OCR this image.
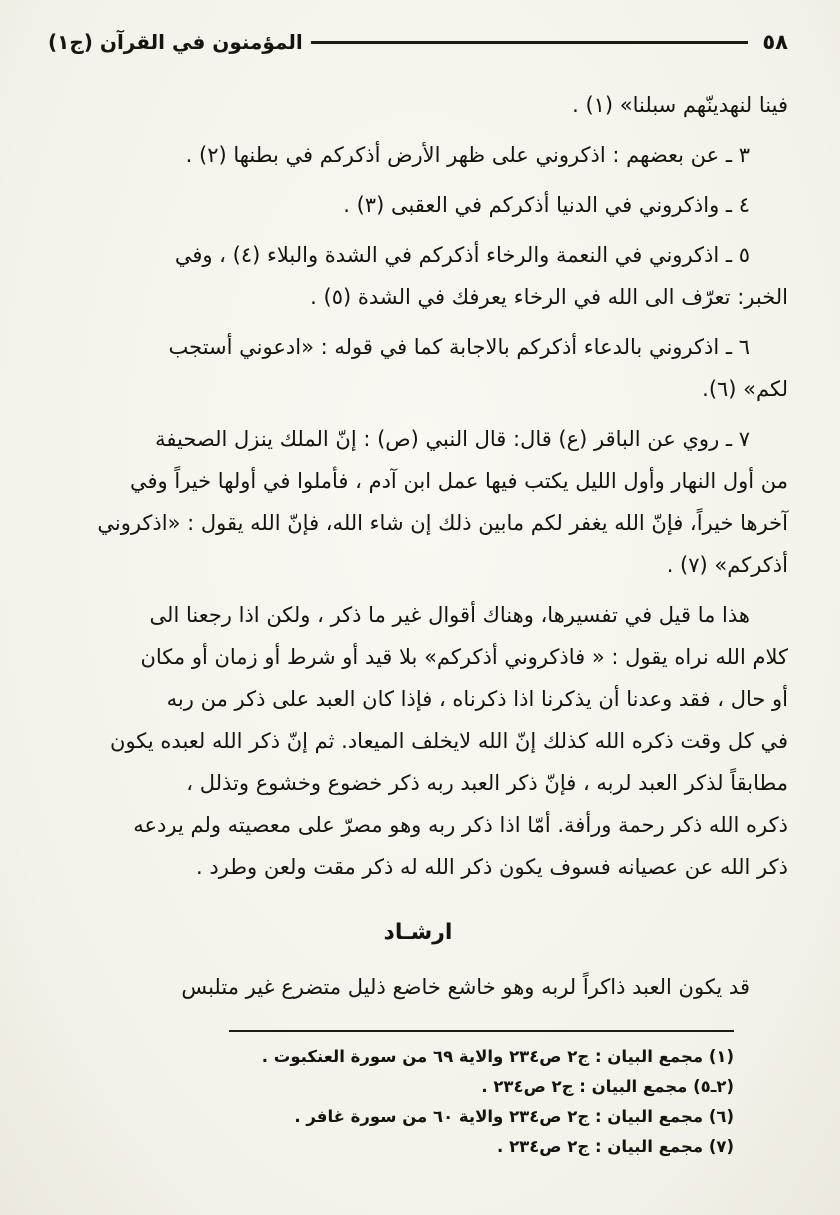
٥٨
المؤمنون في القرآن (ج١)
فينا لنهدينّهم سبلنا» (١) .
٣ ـ عن بعضهم : اذكروني على ظهر الأرض أذكركم في بطنها (٢) .
٤ ـ واذكروني في الدنيا أذكركم في العقبى (٣) .
٥ ـ اذكروني في النعمة والرخاء أذكركم في الشدة والبلاء (٤) ، وفي
الخبر: تعرّف الى الله في الرخاء يعرفك في الشدة (٥) .
٦ ـ اذكروني بالدعاء أذكركم بالاجابة كما في قوله : «ادعوني أستجب
لكم» (٦).
٧ ـ روي عن الباقر (ع) قال: قال النبي (ص) : إنّ الملك ينزل الصحيفة
من أول النهار وأول الليل يكتب فيها عمل ابن آدم ، فأملوا في أولها خيراً وفي
آخرها خيراً، فإنّ الله يغفر لكم مابين ذلك إن شاء الله، فإنّ الله يقول : «اذكروني
أذكركم» (٧) .
هذا ما قيل في تفسيرها، وهناك أقوال غير ما ذكر ، ولكن اذا رجعنا الى
كلام الله نراه يقول : « فاذكروني أذكركم» بلا قيد أو شرط أو زمان أو مكان
أو حال ، فقد وعدنا أن يذكرنا اذا ذكرناه ، فإذا كان العبد على ذكر من ربه
في كل وقت ذكره الله كذلك إنّ الله لايخلف الميعاد. ثم إنّ ذكر الله لعبده يكون
مطابقاً لذكر العبد لربه ، فإنّ ذكر العبد ربه ذكر خضوع وخشوع وتذلل ،
ذكره الله ذكر رحمة ورأفة. أمّا اذا ذكر ربه وهو مصرّ على معصيته ولم يردعه
ذكر الله عن عصيانه فسوف يكون ذكر الله له ذكر مقت ولعن وطرد .
ارشـاد
قد يكون العبد ذاكراً لربه وهو خاشع خاضع ذليل متضرع غير متلبس
(١) مجمع البيان : ج٢ ص٢٣٤ والاية ٦٩ من سورة العنكبوت .
(٢ـ٥) مجمع البيان : ج٢ ص٢٣٤ .
(٦) مجمع البيان : ج٢ ص٢٣٤ والاية ٦٠ من سورة غافر .
(٧) مجمع البيان : ج٢ ص٢٣٤ .
